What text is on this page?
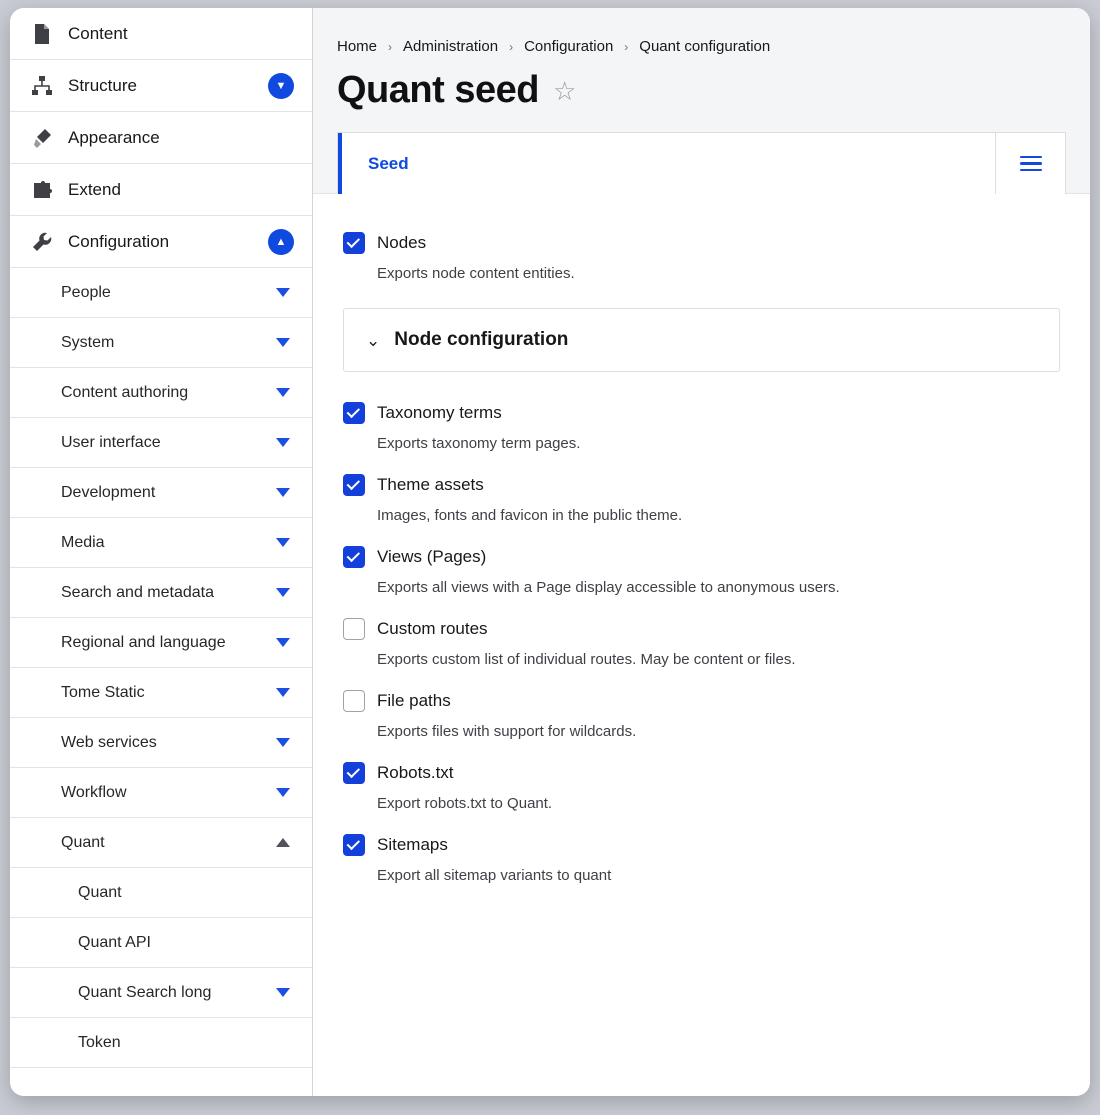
Content
Structure	▼
Appearance
Extend
Configuration	▲
People
System
Content authoring
User interface
Development
Media
Search and metadata
Regional and language
Tome Static
Web services
Workflow
Quant
Quant
Quant API
Quant Search long
Token
Home › Administration › Configuration › Quant configuration
Quant seed ☆
Seed
Nodes
Exports node content entities.
⌄ Node configuration
Taxonomy terms
Exports taxonomy term pages.
Theme assets
Images, fonts and favicon in the public theme.
Views (Pages)
Exports all views with a Page display accessible to anonymous users.
Custom routes
Exports custom list of individual routes. May be content or files.
File paths
Exports files with support for wildcards.
Robots.txt
Export robots.txt to Quant.
Sitemaps
Export all sitemap variants to quant
